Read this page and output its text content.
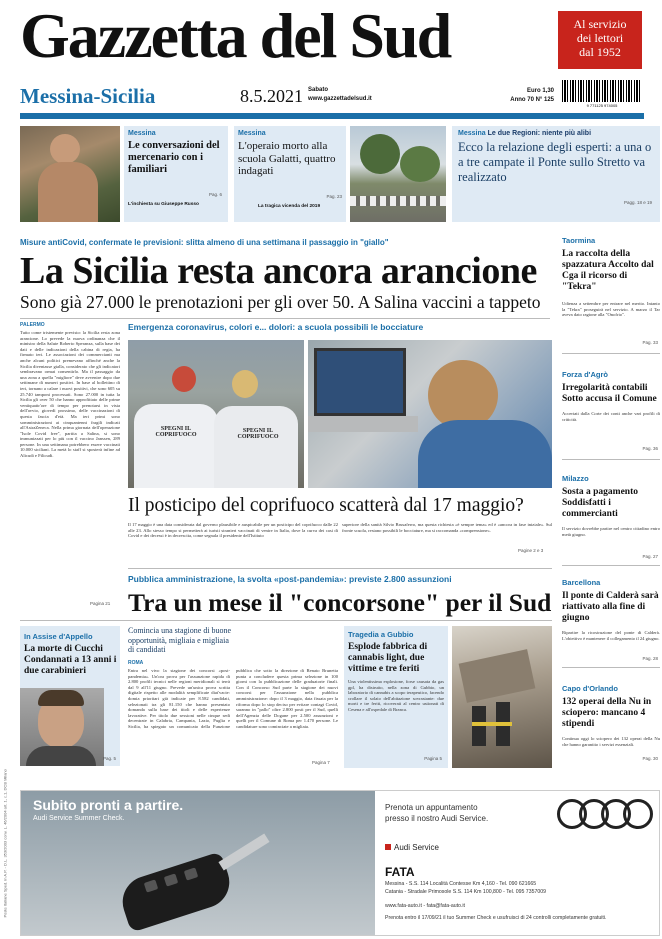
Gazzetta del Sud	Al servizio
dei lettori
dal 1952
Messina-Sicilia	8.5.2021 Sabato
www.gazzettadelsud.it
Euro 1,30
Anno 70 N° 125
9 771125 974005
Messina
Le conversazioni del mercenario con i familiari
Pag. 6
L'inchiesta su Giuseppe Russo
Messina
L'operaio morto alla scuola Galatti, quattro indagati
Pag. 23
La tragica vicenda del 2019
Messina Le due Regioni: niente più alibi
Ecco la relazione degli esperti: a una o a tre campate il Ponte sullo Stretto va realizzato
Pagg. 18 e 19
Misure antiCovid, confermate le previsioni: slitta almeno di una settimana il passaggio in "giallo"
La Sicilia resta ancora arancione
Sono già 27.000 le prenotazioni per gli over 50. A Salina vaccini a tappeto
PALERMO
Tutto come tristemente previsto: la Sicilia resta zona arancione. Lo prevede la nuova ordinanza che il ministro della Salute Roberto Speranza, sulla base dei dati e delle indicazioni della cabina di regia, ha firmato ieri. Le associazioni dei commercianti ma anche alcuni politici premevano affinché anche la Sicilia diventasse gialla, considerato che gli indicatori sembravano ormai consentirlo. Ma il passaggio da una zona a quella "migliore" deve avvenire dopo due settimane di numeri positivi. In base al bollettino di ieri, tornano a calare i nuovi positivi, che sono 605 su 25.740 tamponi processati. Sono 27.000 in tutta la Sicilia gli over 50 che hanno approfittato delle prime ventiquattr'ore di tempo per prenotarsi in vista dell'avvio, giovedì prossimo, delle vaccinazioni di questa fascia d'età. Ma ieri primi sono somministrazioni ai cinquantenni fragili indicati all'AstraZeneca. Nella prima giornata dell'operazione "Isole Covid free", partita a Salina, si sono immunizzati per lo più con il vaccino Janssen, 289 persone. In una settimana potrebbero essere vaccinati 10.000 siciliani. La metà lo staff si sposterà infine ad Alicudi e Filicudi.
Pagina 21
Emergenza coronavirus, colori e... dolori: a scuola possibili le bocciature
SPEGNI IL COPRIFUOCO
SPEGNI IL COPRIFUOCO
Il posticipo del coprifuoco scatterà dal 17 maggio?
Il 17 maggio è una data considerata dal governo plausibile e auspicabile per un posticipo del coprifuoco dalle 22 alle 23. Allo stesso tempo si permetterà ai turisti stranieri vaccinati di venire in Italia, dove la curva dei casi di Covid e dei decessi è in decrescita, come segnala il presidente dell'Istituto
superiore della sanità Silvio Brusaferro, ma questa richiesta «è sempre tema» ed è «ancora in fase iniziale». Sul fronte scuola, restano possibili le bocciature, ma si raccomanda «comprensione».
Pagine 2 e 3
Pubblica amministrazione, la svolta «post-pandemia»: previste 2.800 assunzioni
Tra un mese il "concorsone" per il Sud
In Assise d'Appello
La morte di Cucchi Condannati a 13 anni i due carabinieri
Pag. 5
Comincia una stagione di buone opportunità, migliaia e migliaia di candidati
ROMA
Entra nel vivo la stagione dei concorsi «post-pandemia». Un'ora prova per l'assunzione rapida di 2.800 profili tecnici nelle regioni meridionali si terrà dal 9 all'11 giugno. Prevede un'unica prova scritta digitale rispetto alle modalità semplificate diat'vacie: domia prioritari già indicate per 8.582 candidati, selezionati tra gli 81.150 che hanno presentato domanda sulla base dei titoli e delle esperienze lavorative. Per titolo due sessioni nelle cinque sedi decentrate in Calabria, Campania, Lazio, Puglia e Sicilia, ha spiegato un comunicato della Funzione pubblica che sotto la direzione di Renato Brunetta punta a concludere questa prima selezione in 100 giorni con la pubblicazione delle graduatorie finali. Con il Concorso Sud parte la stagione dei nuovi concorsi per l'assunzione nella pubblica amministrazione: dopo il 3 maggio, data fissata per la riforma dopo lo stop deciso per evitare contagi Covid, saranno in "pallo" oltre 2.800 posti per il Sud, quelli dell'Agenzia delle Dogane per 2.500 assunzioni e quelli per il Comune di Roma per 1.470 persone. Le candidature sono cominciate a migliaia.
Pagina 7
Tragedia a Gubbio
Esplode fabbrica di cannabis light, due vittime e tre feriti
Una violentissima esplosione, forse causata da gas gpl, ha distrutto, nella zona di Gubbio, un laboratorio di cannabis a scopo terapeutico, facendo crollare il solaio dell'abitazione sovrastante: due morti e tre feriti, ricoverati al centro ustionati di Cesena e all'ospedale di Branca.
Pagina 5
Taormina
La raccolta della spazzatura Accolto dal Cga il ricorso di "Tekra"
Udienza a settembre per entrare nel merito. Intanto la "Tekra" proseguirà nel servizio. A marzo il Tar aveva dato ragione alla "Onofrio".
Pag. 33
Forza d'Agrò
Irregolarità contabili Sotto accusa il Comune
Accertati dalla Corte dei conti anche vari profili di criticità.
Pag. 36
Milazzo
Sosta a pagamento Soddisfatti i commercianti
Il servizio dovrebbe partire nel centro cittadino entro metà giugno.
Pag. 27
Barcellona
Il ponte di Calderà sarà riattivato alla fine di giugno
Ripartire la ricostruzione del ponte di Calderà. L'obiettivo è mantenere il collegamento il 24 giugno.
Pag. 28
Capo d'Orlando
132 operai della Nu in sciopero: mancano 4 stipendi
Continua oggi lo sciopero dei 132 operai della Nu che hanno garantito i servizi essenziali.
Pag. 30
Poste Italiane Sped. in A.P. - D.L. 353/2003 conv. L. 46/2004 art. 1, c.1, DCB Milano Subito pronti a partire.
Audi Service Summer Check.
Prenota un appuntamento
presso il nostro Audi Service.
Audi Service
FATA
Messina - S.S. 114 Località Contesse Km 4,160 - Tel. 090 621665
Catania - Stradale Primosole S.S. 114 Km 100,800 - Tel. 095 7357009
www.fata-auto.it - fata@fata-auto.it
Prenota entro il 17/09/21 il tuo Summer Check e usufruisci di 24 controlli completamente gratuiti.
